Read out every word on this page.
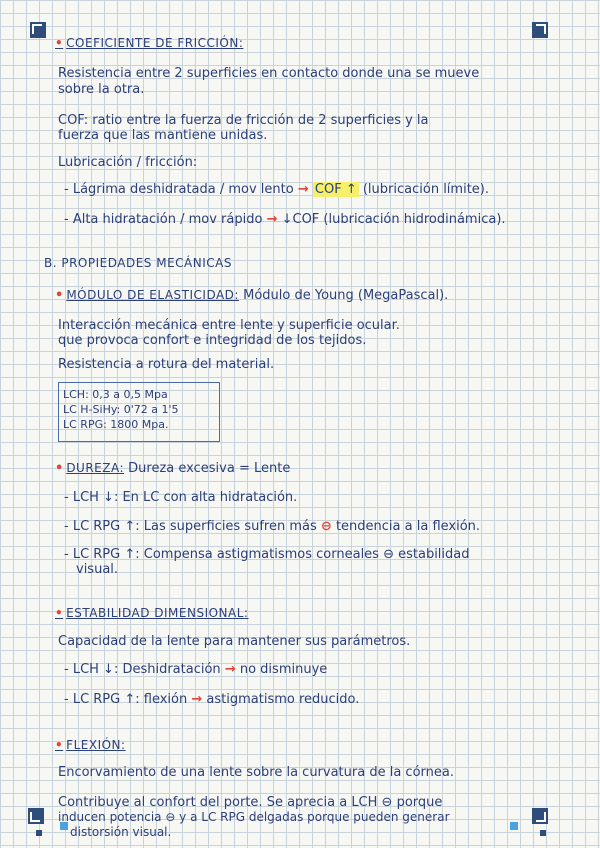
• COEFICIENTE DE FRICCIÓN:
Resistencia entre 2 superficies en contacto donde una se mueve
sobre la otra.
COF: ratio entre la fuerza de fricción de 2 superficies y la
fuerza que las mantiene unidas.
Lubricación / fricción:
- Lágrima deshidratada / mov lento → COF ↑ (lubricación límite).
- Alta hidratación / mov rápido → ↓COF (lubricación hidrodinámica).
B. PROPIEDADES MECÁNICAS
• MÓDULO DE ELASTICIDAD: Módulo de Young (MegaPascal).
Interacción mecánica entre lente y superficie ocular.
que provoca confort e integridad de los tejidos.
Resistencia a rotura del material.
LCH: 0,3 a 0,5 Mpa
LC H-SiHy: 0'72 a 1'5
LC RPG: 1800 Mpa.
• DUREZA: Dureza excesiva = Lente
- LCH ↓: En LC con alta hidratación.
- LC RPG ↑: Las superficies sufren más ⊖ tendencia a la flexión.
- LC RPG ↑: Compensa astigmatismos corneales ⊖ estabilidad
visual.
• ESTABILIDAD DIMENSIONAL:
Capacidad de la lente para mantener sus parámetros.
- LCH ↓: Deshidratación → no disminuye
- LC RPG ↑: flexión → astigmatismo reducido.
• FLEXIÓN:
Encorvamiento de una lente sobre la curvatura de la córnea.
Contribuye al confort del porte. Se aprecia a LCH ⊖ porque
inducen potencia ⊖ y a LC RPG delgadas porque pueden generar
distorsión visual.
